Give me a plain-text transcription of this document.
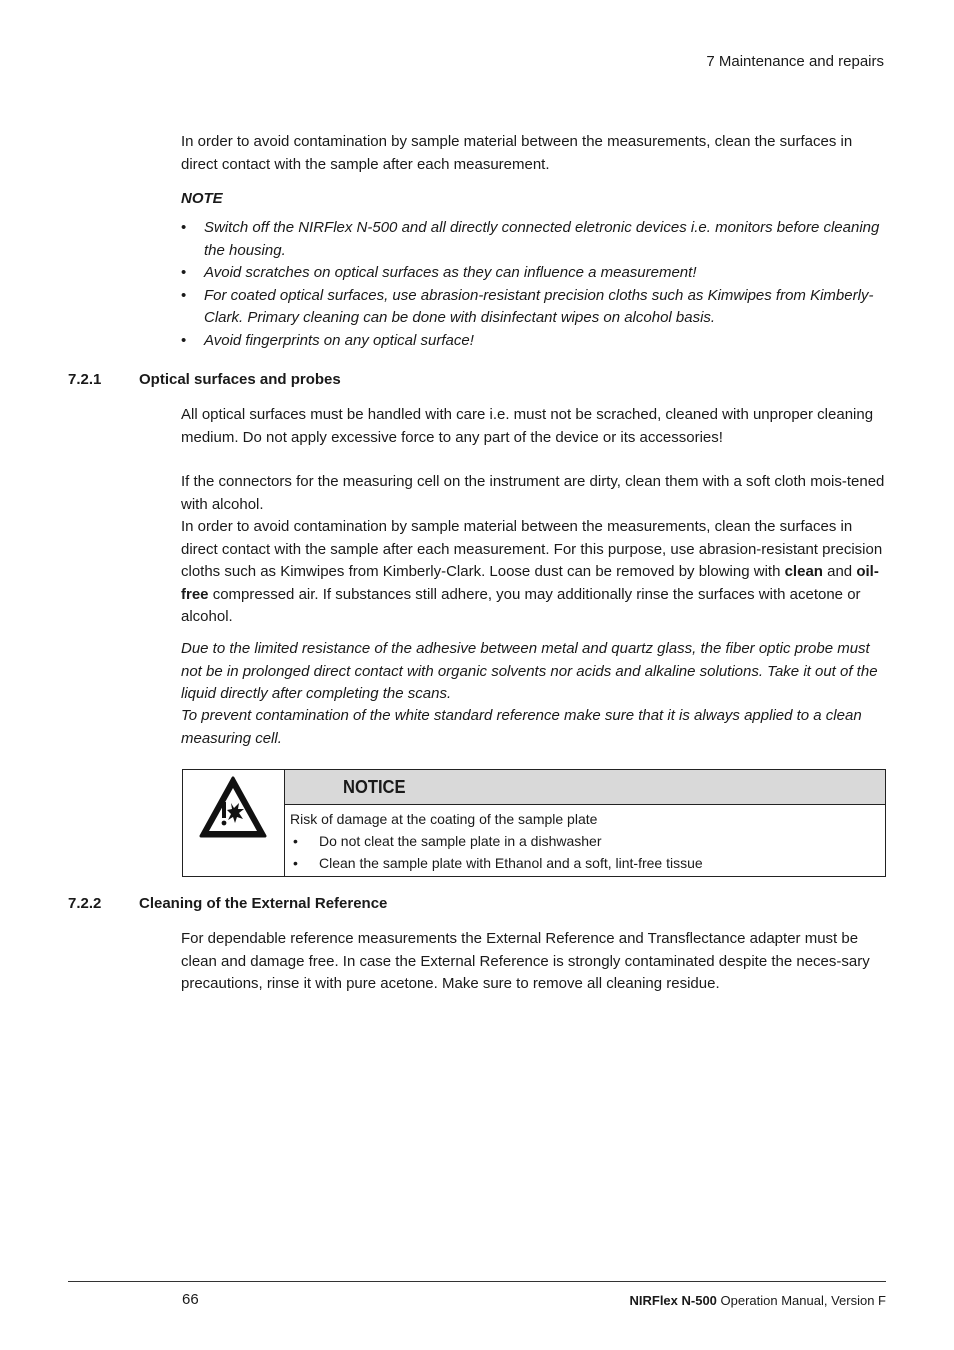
7 Maintenance and repairs

In order to avoid contamination by sample material between the measurements, clean the surfaces in direct contact with the sample after each measurement.

NOTE
• Switch off the NIRFlex N-500 and all directly connected eletronic devices i.e. monitors before cleaning the housing.
• Avoid scratches on optical surfaces as they can influence a measurement!
• For coated optical surfaces, use abrasion-resistant precision cloths such as Kimwipes from Kimberly-Clark. Primary cleaning can be done with disinfectant wipes on alcohol basis.
• Avoid fingerprints on any optical surface!
7.2.1	Optical surfaces and probes

All optical surfaces must be handled with care i.e. must not be scrached, cleaned with unproper cleaning medium. Do not apply excessive force to any part of the device or its accessories!

If the connectors for the measuring cell on the instrument are dirty, clean them with a soft cloth mois-tened with alcohol.

In order to avoid contamination by sample material between the measurements, clean the surfaces in direct contact with the sample after each measurement. For this purpose, use abrasion-resistant precision cloths such as Kimwipes from Kimberly-Clark. Loose dust can be removed by blowing with clean and oil-free compressed air. If substances still adhere, you may additionally rinse the surfaces with acetone or alcohol.

Due to the limited resistance of the adhesive between metal and quartz glass, the fiber optic probe must not be in prolonged direct contact with organic solvents nor acids and alkaline solutions. Take it out of the liquid directly after completing the scans.

To prevent contamination of the white standard reference make sure that it is always applied to a clean measuring cell.

NOTICE
Risk of damage at the coating of the sample plate
• Do not cleat the sample plate in a dishwasher
• Clean the sample plate with Ethanol and a soft, lint-free tissue
7.2.2	Cleaning of the External Reference

For dependable reference measurements the External Reference and Transflectance adapter must be clean and damage free. In case the External Reference is strongly contaminated despite the neces-sary precautions, rinse it with pure acetone. Make sure to remove all cleaning residue.

66	NIRFlex N-500 Operation Manual, Version F
